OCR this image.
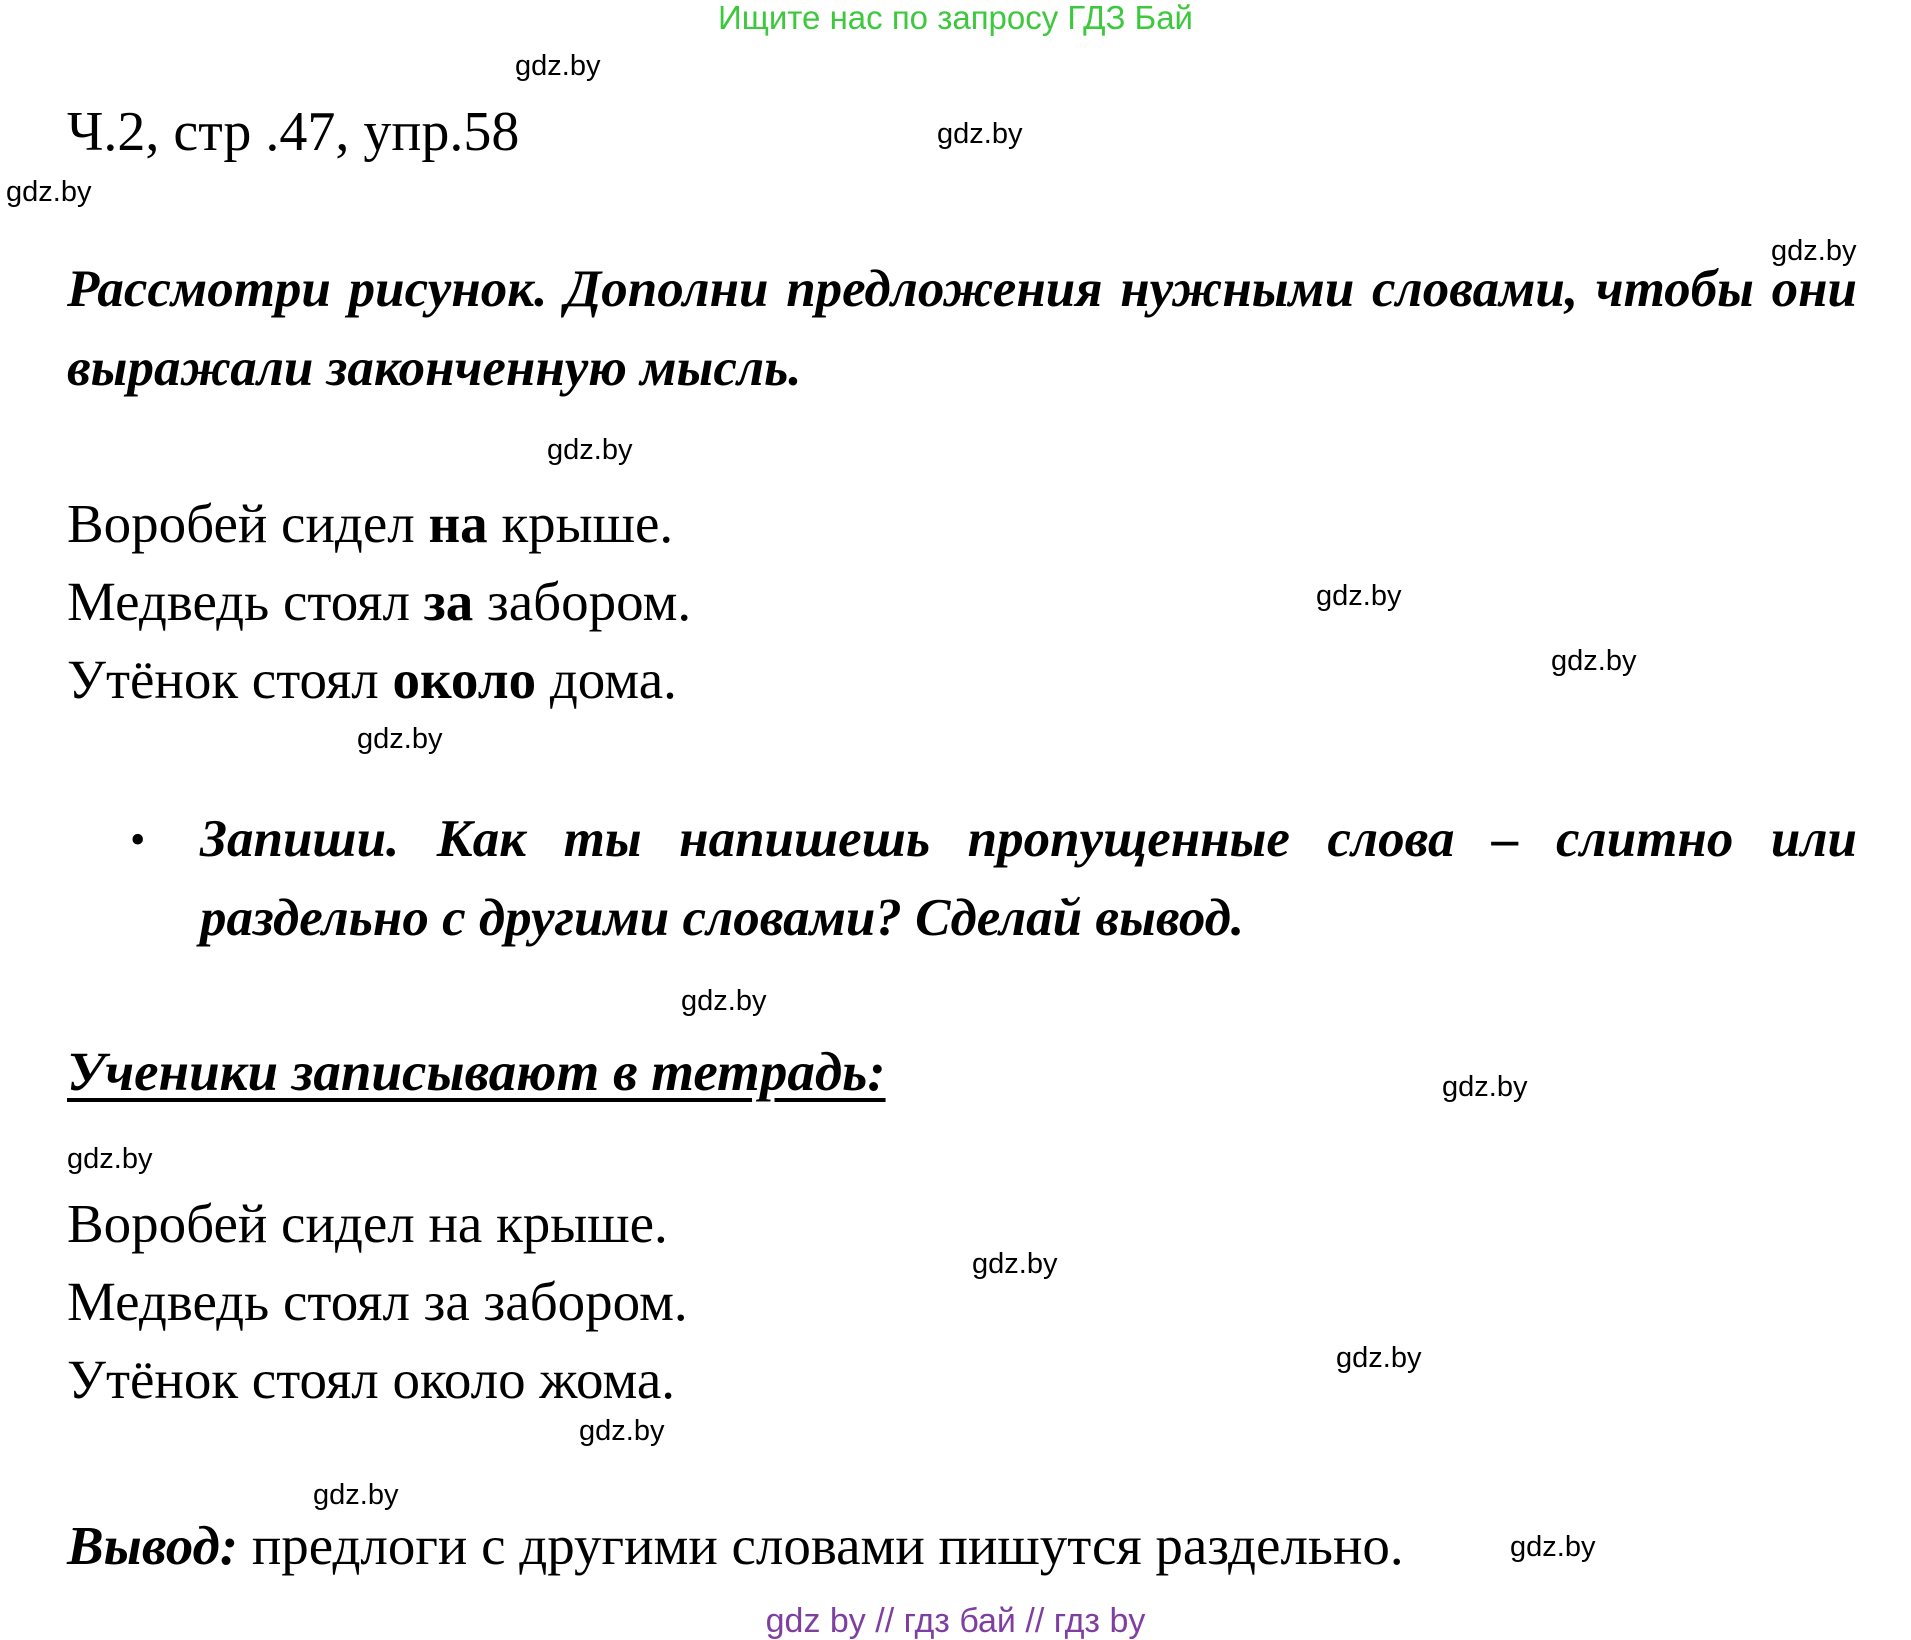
Ищите нас по запросу ГДЗ Бай
gdz.by
gdz.by
gdz.by
gdz.by
gdz.by
gdz.by
gdz.by
gdz.by
gdz.by
gdz.by
gdz.by
gdz.by
gdz.by
gdz.by
gdz.by
gdz.by
Ч.2, стр .47, упр.58
Рассмотри рисунок. Дополни предложения нужными словами, чтобы они выражали законченную мысль.
Воробей сидел на крыше.
Медведь стоял за забором.
Утёнок стоял около дома.
• Запиши. Как ты напишешь пропущенные слова – слитно или раздельно с другими словами? Сделай вывод.
Ученики записывают в тетрадь:
Воробей сидел на крыше.
Медведь стоял за забором.
Утёнок стоял около жома.
Вывод: предлоги с другими словами пишутся раздельно.
gdz by // гдз бай // гдз by
